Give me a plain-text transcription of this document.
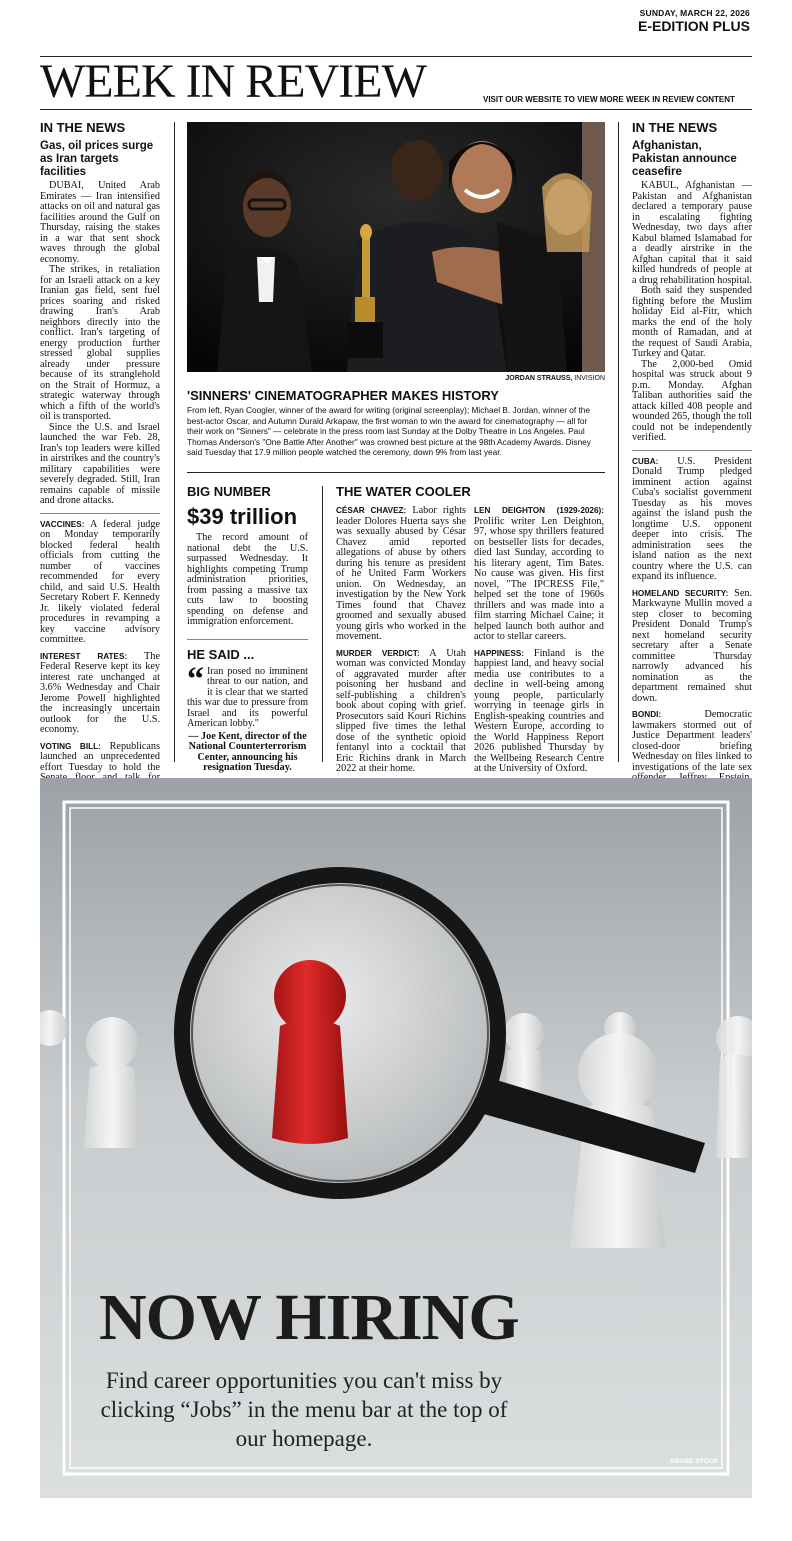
SUNDAY, MARCH 22, 2026
E-EDITION PLUS
WEEK IN REVIEW	VISIT OUR WEBSITE TO VIEW MORE WEEK IN REVIEW CONTENT
IN THE NEWS
Gas, oil prices surge as Iran targets facilities

DUBAI, United Arab Emirates — Iran intensified attacks on oil and natural gas facilities around the Gulf on Thursday, raising the stakes in a war that sent shock waves through the global economy.

The strikes, in retaliation for an Israeli attack on a key Iranian gas field, sent fuel prices soaring and risked drawing Iran's Arab neighbors directly into the conflict. Iran's targeting of energy production further stressed global supplies already under pressure because of its stranglehold on the Strait of Hormuz, a strategic waterway through which a fifth of the world's oil is transported.

Since the U.S. and Israel launched the war Feb. 28, Iran's top leaders were killed in airstrikes and the country's military capabilities were severely degraded. Still, Iran remains capable of missile and drone attacks.

VACCINES: A federal judge on Monday temporarily blocked federal health officials from cutting the number of vaccines recommended for every child, and said U.S. Health Secretary Robert F. Kennedy Jr. likely violated federal procedures in revamping a key vaccine advisory committee.

INTEREST RATES: The Federal Reserve kept its key interest rate unchanged at 3.6% Wednesday and Chair Jerome Powell highlighted the increasingly uncertain outlook for the U.S. economy.

VOTING BILL: Republicans launched an unprecedented effort Tuesday to hold the

JORDAN STRAUSS, INVISION
'SINNERS' CINEMATOGRAPHER MAKES HISTORY
From left, Ryan Coogler, winner of the award for writing (original screenplay); Michael B. Jordan, winner of the best-actor Oscar, and Autumn Durald Arkapaw, the first woman to win the award for cinematography — all for their work on "Sinners" — celebrate in the press room last Sunday at the Dolby Theatre in Los Angeles. Paul Thomas Anderson's "One Battle After Another" was crowned best picture at the 98th Academy Awards. Disney said Tuesday that 17.9 million people watched the ceremony, down 9% from last year.
BIG NUMBER
$39 trillion

The record amount of national debt the U.S. surpassed Wednesday. It highlights competing Trump administration priorities, from passing a massive tax cuts law to boosting spending on defense and immigration enforcement.

HE SAID ...
“ Iran posed no imminent threat to our nation, and it is clear that we started this war due to pressure from Israel and its powerful American lobby."
— Joe Kent, director of the National Counterterrorism Center, announcing his resignation Tuesday.
THE WATER COOLER

CÉSAR CHAVEZ: Labor rights leader Dolores Huerta says she was sexually abused by César Chavez amid reported allegations of abuse by others during his tenure as president of he United Farm Workers union. On Wednesday, an investigation by the New York Times found that Chavez groomed and sexually abused young girls who worked in the movement.

MURDER VERDICT: A Utah woman was convicted Monday of aggravated murder after poisoning her husband and self-publishing a children's book about coping with grief. Prosecutors said Kouri Richins slipped five times the lethal dose of the synthetic opioid fentanyl into a cocktail that Eric Richins drank in March 2022 at their home.

LEN DEIGHTON (1929-2026): Prolific writer Len Deighton, 97, whose spy thrillers featured on bestseller lists for decades, died last Sunday, according to his literary agent, Tim Bates. No cause was given. His first novel, "The IPCRESS File," helped set the tone of 1960s thrillers and was made into a film starring Michael Caine; it helped launch both author and actor to stellar careers.

HAPPINESS: Finland is the happiest land, and heavy social media use contributes to a decline in well-being among young people, particularly worrying in teenage girls in English-speaking countries and Western Europe, according to the World Happiness Report 2026 published Thursday by the Wellbeing Research Centre at the University of Oxford.

IN THE NEWS
Afghanistan, Pakistan announce ceasefire

KABUL, Afghanistan — Pakistan and Afghanistan declared a temporary pause in escalating fighting Wednesday, two days after Kabul blamed Islamabad for a deadly airstrike in the Afghan capital that it said killed hundreds of people at a drug rehabilitation hospital.

Both said they suspended fighting before the Muslim holiday Eid al-Fitr, which marks the end of the holy month of Ramadan, and at the request of Saudi Arabia, Turkey and Qatar.

The 2,000-bed Omid hospital was struck about 9 p.m. Monday. Afghan Taliban authorities said the attack killed 408 people and wounded 265, though the toll could not be independently verified.

CUBA: U.S. President Donald Trump pledged imminent action against Cuba's socialist government Tuesday as his moves against the island push the longtime U.S. opponent deeper into crisis. The administration sees the island nation as the next country where the U.S. can expand its influence.

HOMELAND SECURITY: Sen. Markwayne Mullin moved a step closer to becoming President Donald Trump's next homeland security secretary after a Senate committee Thursday narrowly advanced his nomination as the department remained shut down.

BONDI:	Democratic lawmakers stormed out of Justice Department leaders' closed-door briefing Wednesday on files linked to investigations of the late sex

NOW HIRING
Find career opportunities you can't miss by clicking “Jobs” in the menu bar at the top of our homepage.
ADOBE STOCK
